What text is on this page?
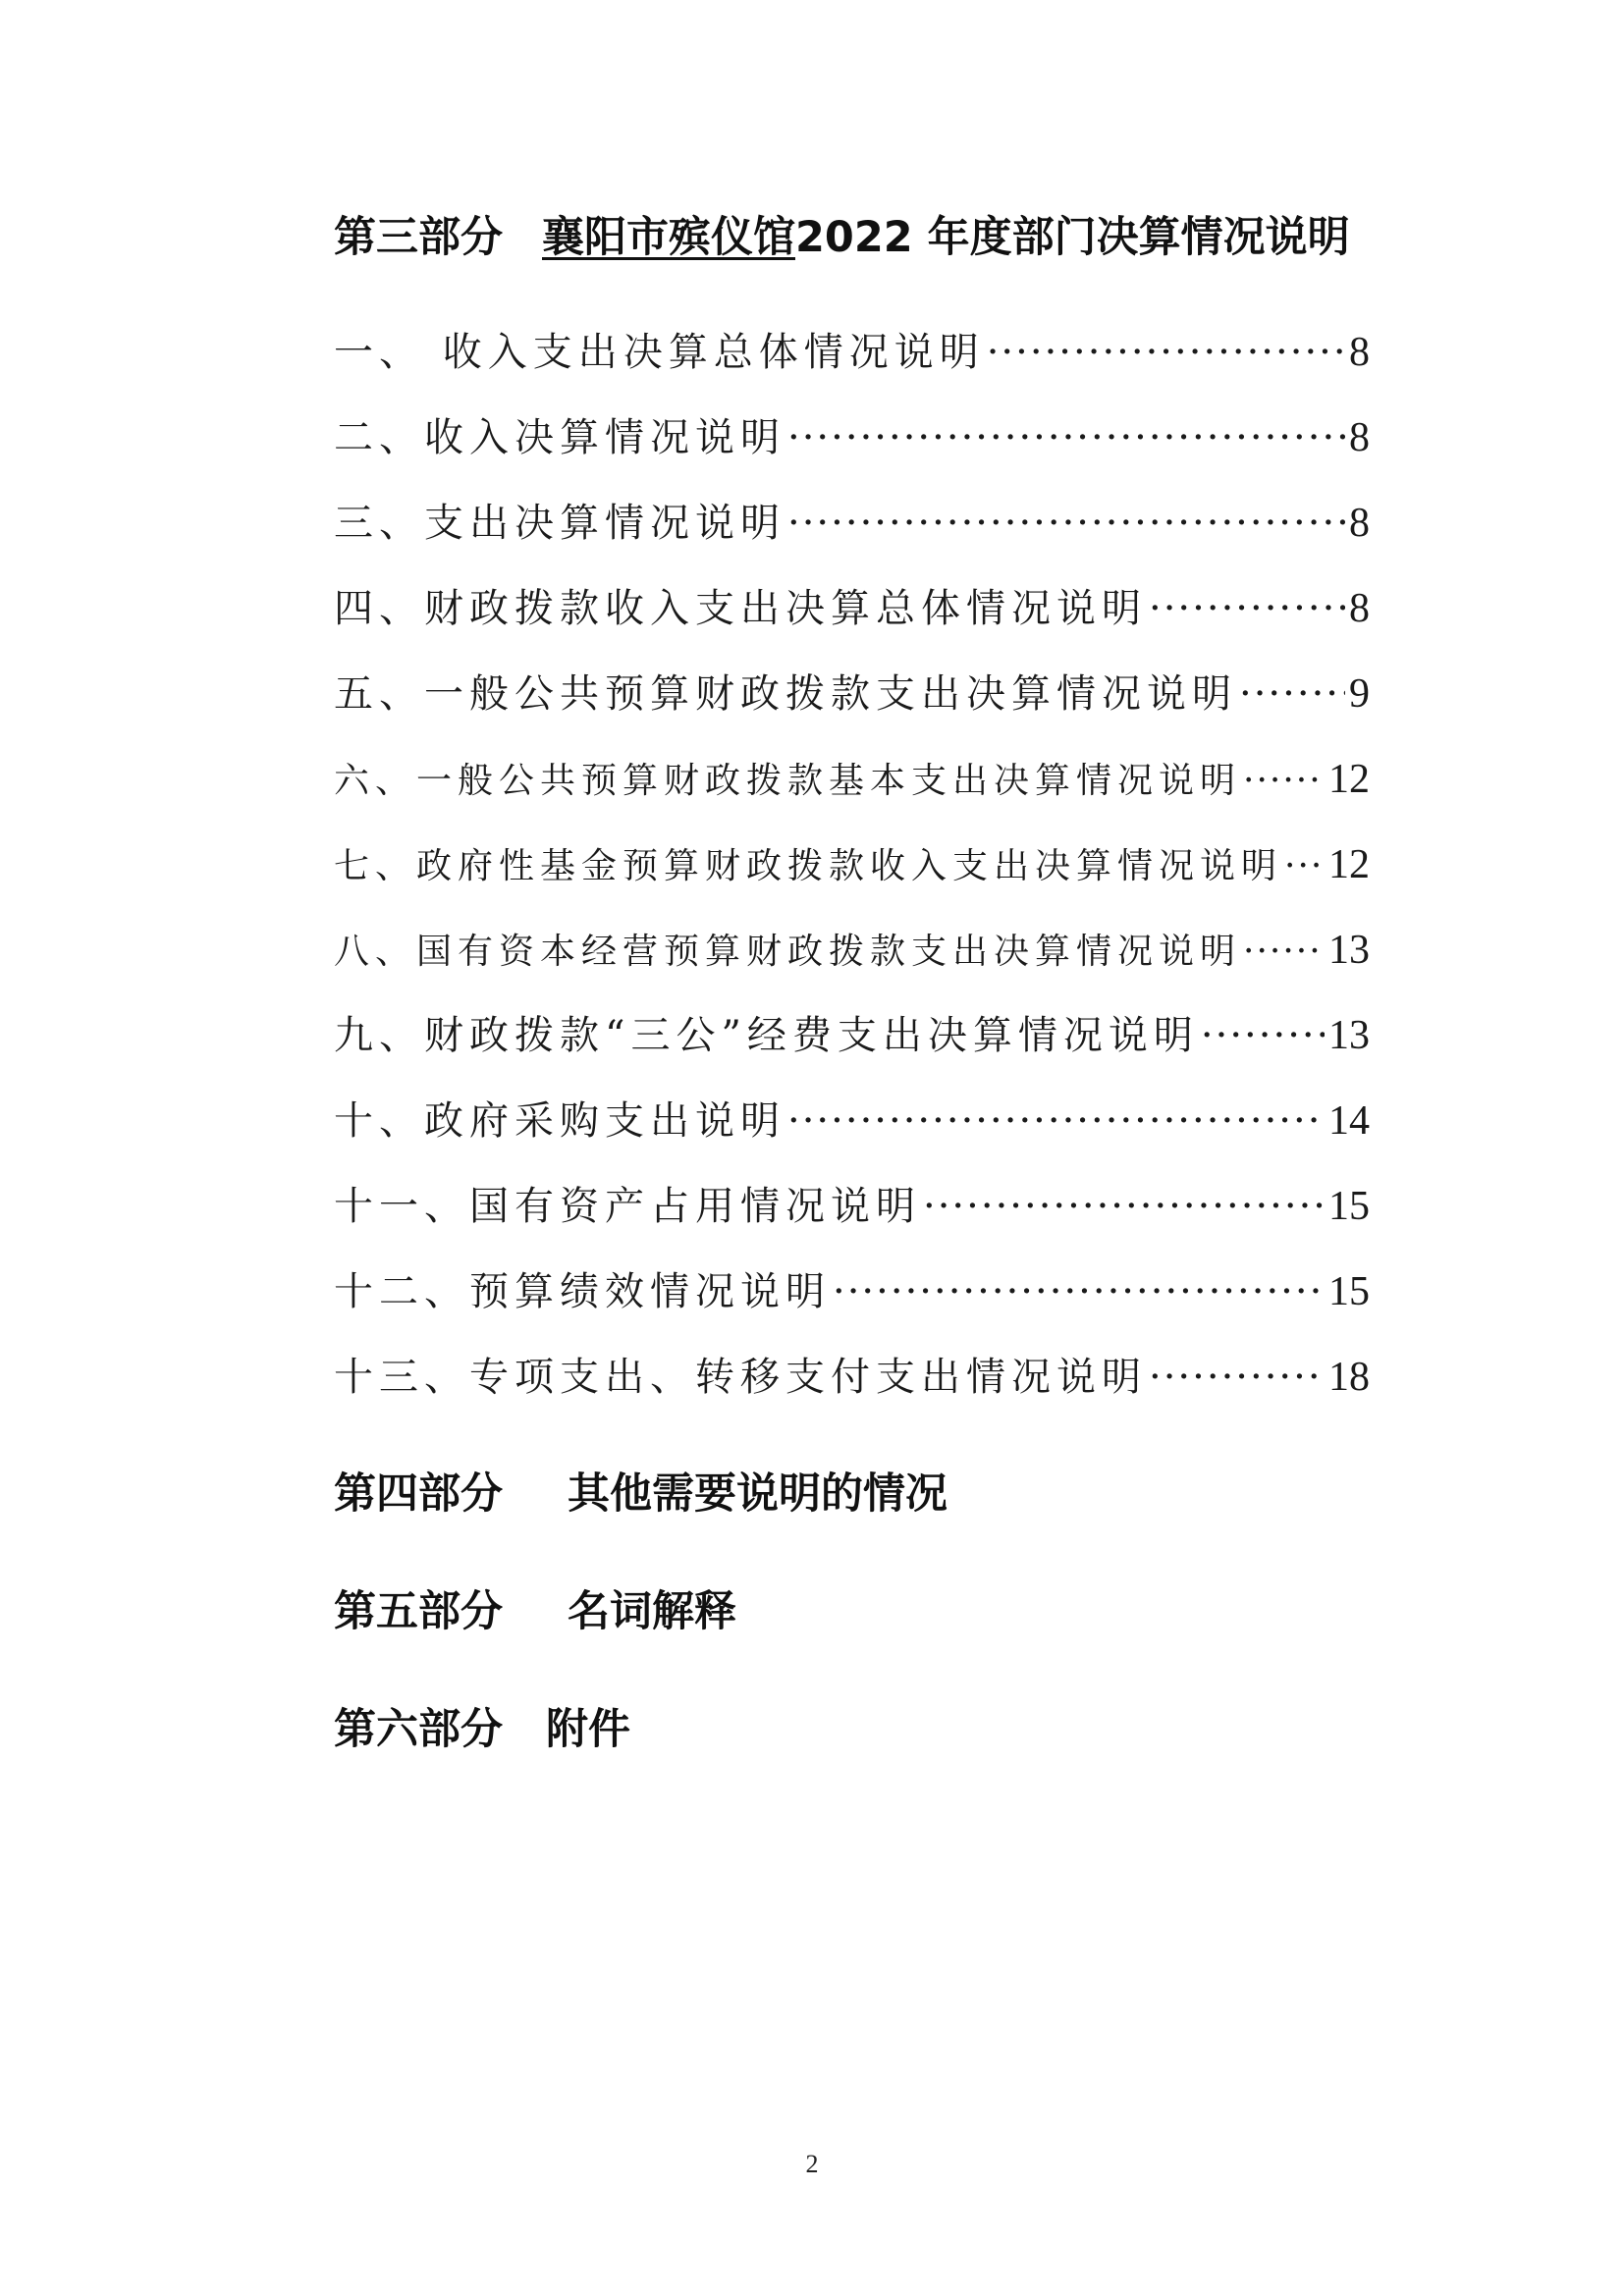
第三部分 襄阳市殡仪馆2022 年度部门决算情况说明
一、 收入支出决算总体情况说明 ·····	8
二、收入决算情况说明 ·····	8
三、支出决算情况说明 ·····	8
四、财政拨款收入支出决算总体情况说明 ·····	8
五、一般公共预算财政拨款支出决算情况说明 ·····	9
六、一般公共预算财政拨款基本支出决算情况说明 ····· 12
七、政府性基金预算财政拨款收入支出决算情况说明 ····· 12
八、国有资本经营预算财政拨款支出决算情况说明 ····· 13
九、财政拨款“三公”经费支出决算情况说明 ·····	13
十、政府采购支出说明 ·····	14
十一、国有资产占用情况说明 ·····	15
十二、预算绩效情况说明 ·····	15
十三、专项支出、转移支付支出情况说明 ·····	18
第四部分 其他需要说明的情况
第五部分 名词解释
第六部分 附件
2
